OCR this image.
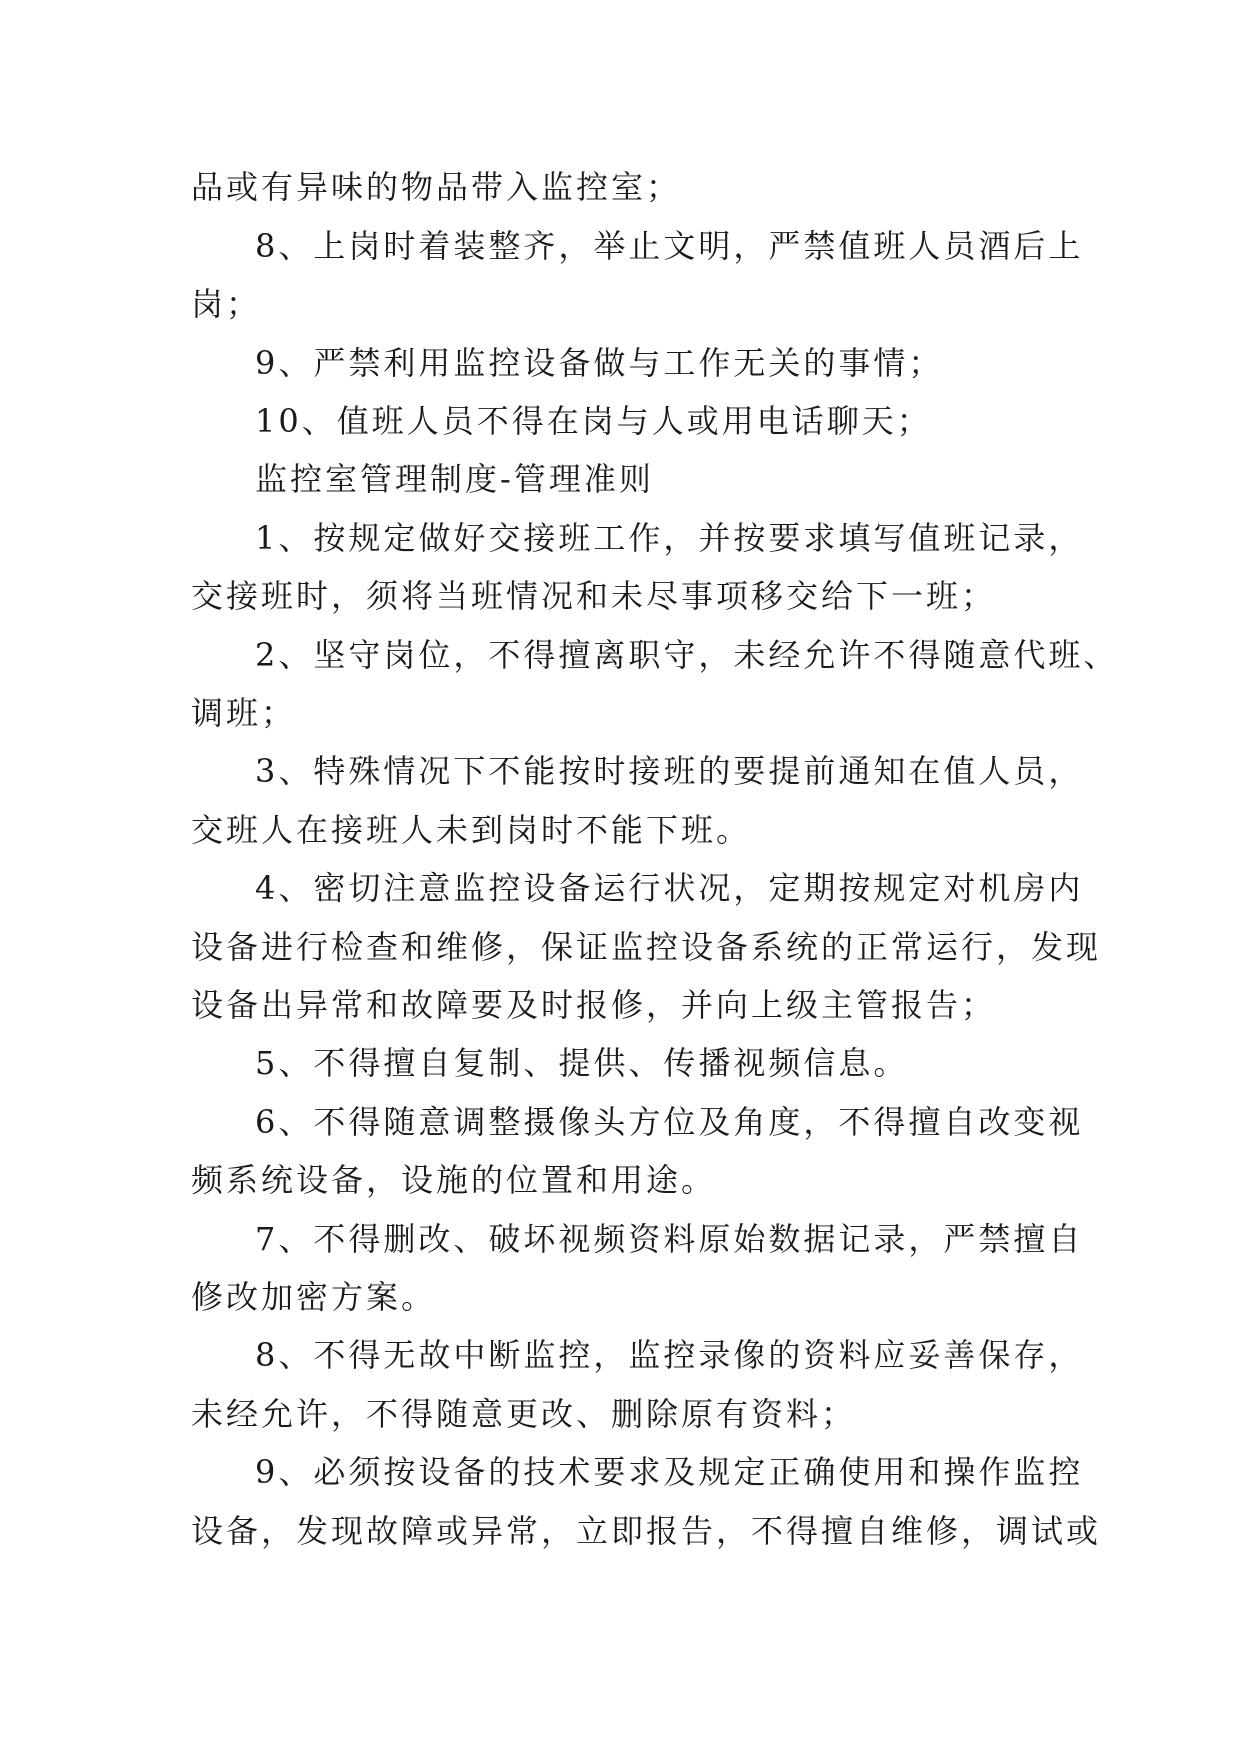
品或有异味的物品带入监控室；
8、上岗时着装整齐，举止文明，严禁值班人员酒后上
岗；
9、严禁利用监控设备做与工作无关的事情；
10、值班人员不得在岗与人或用电话聊天；
监控室管理制度-管理准则
1、按规定做好交接班工作，并按要求填写值班记录，
交接班时，须将当班情况和未尽事项移交给下一班；
2、坚守岗位，不得擅离职守，未经允许不得随意代班、
调班；
3、特殊情况下不能按时接班的要提前通知在值人员，
交班人在接班人未到岗时不能下班。
4、密切注意监控设备运行状况，定期按规定对机房内
设备进行检查和维修，保证监控设备系统的正常运行，发现
设备出异常和故障要及时报修，并向上级主管报告；
5、不得擅自复制、提供、传播视频信息。
6、不得随意调整摄像头方位及角度，不得擅自改变视
频系统设备，设施的位置和用途。
7、不得删改、破坏视频资料原始数据记录，严禁擅自
修改加密方案。
8、不得无故中断监控，监控录像的资料应妥善保存，
未经允许，不得随意更改、删除原有资料；
9、必须按设备的技术要求及规定正确使用和操作监控
设备，发现故障或异常，立即报告，不得擅自维修，调试或
